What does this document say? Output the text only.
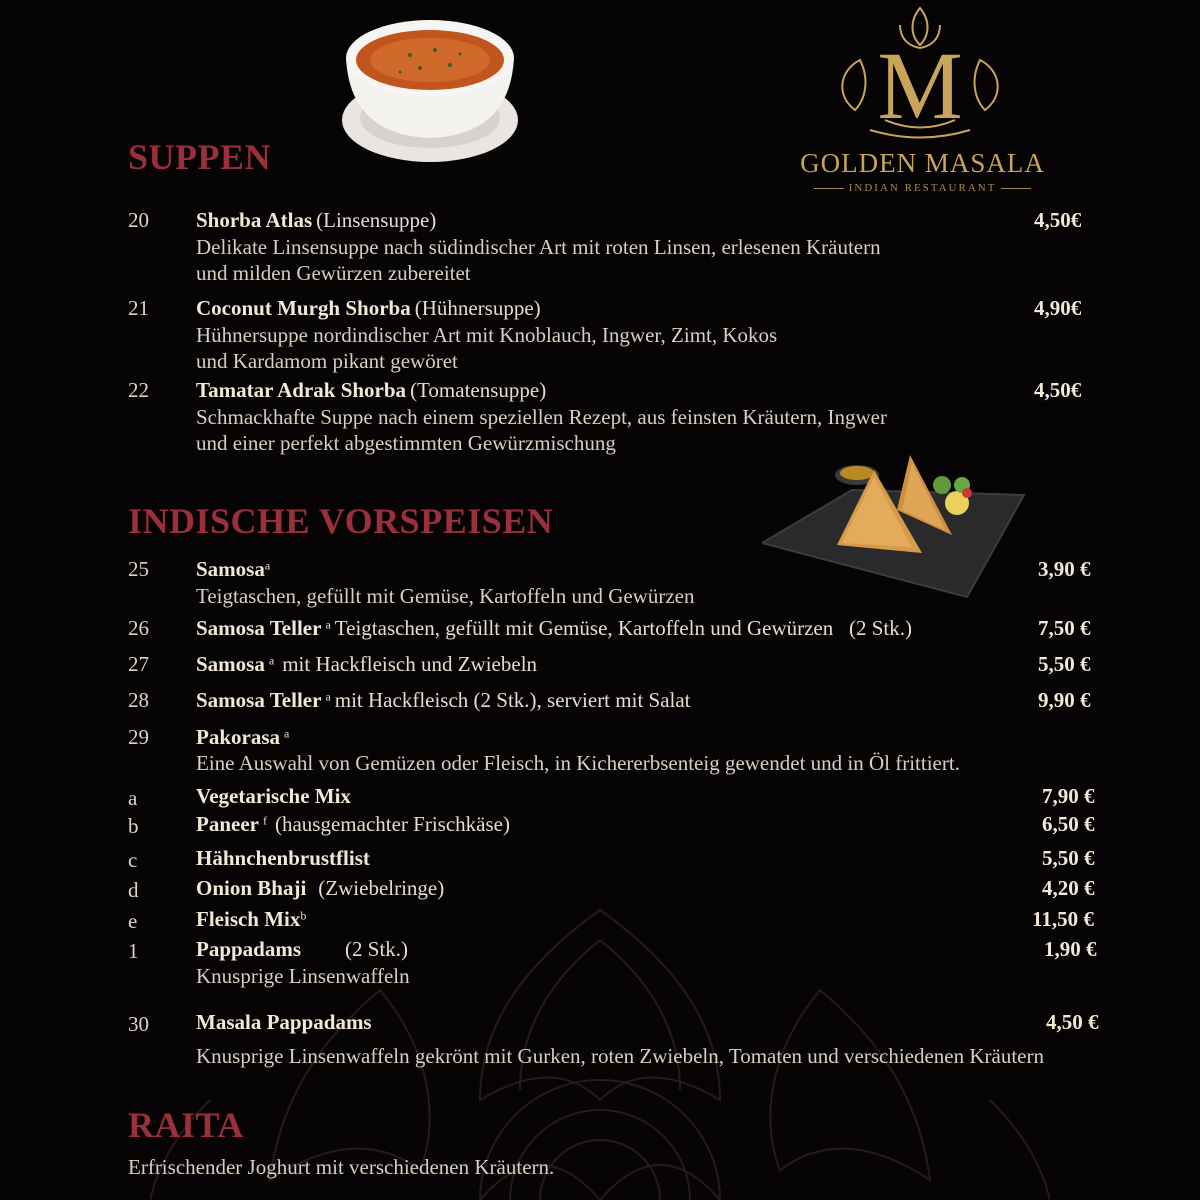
M
GOLDEN MASALA
INDIAN RESTAURANT
SUPPEN
20 Shorba Atlas (Linsensuppe)	4,50€
Delikate Linsensuppe nach südindischer Art mit roten Linsen, erlesenen Kräutern
und milden Gewürzen zubereitet
21 Coconut Murgh Shorba (Hühnersuppe)	4,90€
Hühnersuppe nordindischer Art mit Knoblauch, Ingwer, Zimt, Kokos
und Kardamom pikant gewöret
22 Tamatar Adrak Shorba (Tomatensuppe)	4,50€
Schmackhafte Suppe nach einem speziellen Rezept, aus feinsten Kräutern, Ingwer
und einer perfekt abgestimmten Gewürzmischung
INDISCHE VORSPEISEN
25 Samosa$^a$	3,90 €
Teigtaschen, gefüllt mit Gemüse, Kartoffeln und Gewürzen
26 Samosa Teller $^a$ Teigtaschen, gefüllt mit Gemüse, Kartoffeln und Gewürzen   (2 Stk.)	7,50 €
27 Samosa $^a$ mit Hackfleisch und Zwiebeln	5,50 €
28 Samosa Teller $^a$ mit Hackfleisch (2 Stk.), serviert mit Salat	9,90 €
29 Pakorasa $^a$
Eine Auswahl von Gemüzen oder Fleisch, in Kichererbsenteig gewendet und in Öl frittiert.
a	Vegetarische Mix	7,90 €
b	Paneer $^f$ (hausgemachter Frischkäse)	6,50 €
c	Hähnchenbrustflist	5,50 €
d	Onion Bhaji (Zwiebelringe)	4,20 €
e	Fleisch Mix$^b$	11,50 €
1	Pappadams (2 Stk.)	1,90 €
Knusprige Linsenwaffeln
30 Masala Pappadams	4,50 €
Knusprige Linsenwaffeln gekrönt mit Gurken, roten Zwiebeln, Tomaten und verschiedenen Kräutern
RAITA
Erfrischender Joghurt mit verschiedenen Kräutern.
